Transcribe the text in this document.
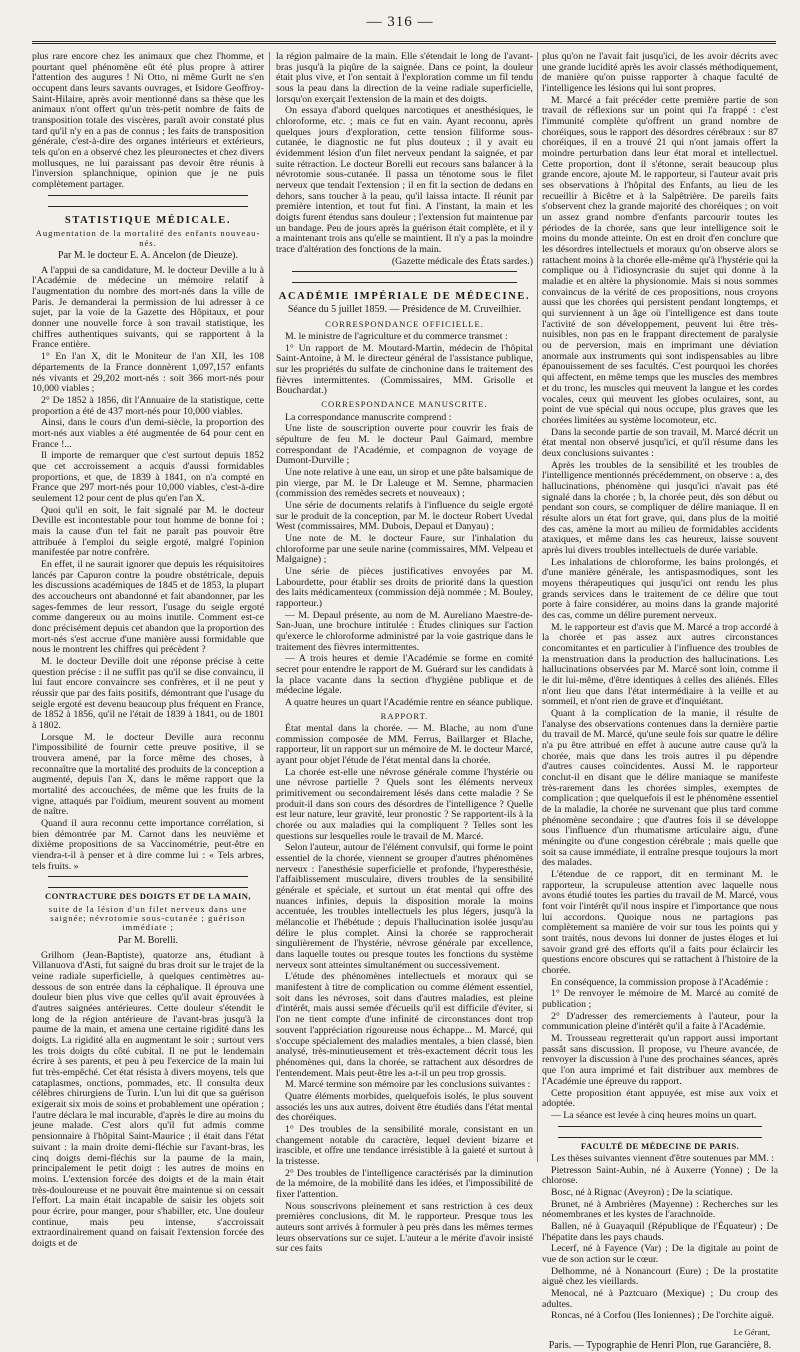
— 316 —

plus rare encore chez les animaux que chez l'homme, et pourtant quel phénomène eût été plus propre à attirer l'attention des augures ! Ni Otto, ni même Gurlt ne s'en occupent dans leurs savants ouvrages, et Isidore Geoffroy-Saint-Hilaire, après avoir mentionné dans sa thèse que les animaux n'ont offert qu'un très-petit nombre de faits de transposition totale des viscères, paraît avoir constaté plus tard qu'il n'y en a pas de connus ; les faits de transposition générale, c'est-à-dire des organes intérieurs et extérieurs, tels qu'on en a observé chez les pleuronectes et chez divers mollusques, ne lui paraissant pas devoir être réunis à l'inversion splanchnique, opinion que je ne puis complètement partager.

STATISTIQUE MÉDICALE.
Augmentation de la mortalité des enfants nouveau-nés.
Par M. le docteur E. A. Ancelon (de Dieuze).

A l'appui de sa candidature, M. le docteur Deville a lu à l'Académie de médecine un mémoire relatif à l'augmentation du nombre des mort-nés dans la ville de Paris. Je demanderai la permission de lui adresser à ce sujet, par la voie de la Gazette des Hôpitaux, et pour donner une nouvelle force à son travail statistique, les chiffres authentiques suivants, qui se rapportent à la France entière.

1° En l'an X, dit le Moniteur de l'an XII, les 108 départements de la France donnèrent 1,097,157 enfants nés vivants et 29,202 mort-nés : soit 366 mort-nés pour 10,000 viables ;

2° De 1852 à 1856, dit l'Annuaire de la statistique, cette proportion a été de 437 mort-nés pour 10,000 viables.

Ainsi, dans le cours d'un demi-siècle, la proportion des mort-nés aux viables a été augmentée de 64 pour cent en France !...

Il importe de remarquer que c'est surtout depuis 1852 que cet accroissement a acquis d'aussi formidables proportions, et que, de 1839 à 1841, on n'a compté en France que 297 mort-nés pour 10,000 viables, c'est-à-dire seulement 12 pour cent de plus qu'en l'an X.

Quoi qu'il en soit, le fait signalé par M. le docteur Deville est incontestable pour tout homme de bonne foi ; mais la cause d'un tel fait ne paraît pas pouvoir être attribuée à l'emploi du seigle ergoté, malgré l'opinion manifestée par notre confrère.

En effet, il ne saurait ignorer que depuis les réquisitoires lancés par Capuron contre la poudre obstétricale, depuis les discussions académiques de 1845 et de 1853, la plupart des accoucheurs ont abandonné et fait abandonner, par les sages-femmes de leur ressort, l'usage du seigle ergoté comme dangereux ou au moins inutile. Comment est-ce donc précisément depuis cet abandon que la proportion des mort-nés s'est accrue d'une manière aussi formidable que nous le montrent les chiffres qui précèdent ?

M. le docteur Deville doit une réponse précise à cette question précise : il ne suffit pas qu'il se dise convaincu, il lui faut encore convaincre ses confrères, et il ne peut y réussir que par des faits positifs, démontrant que l'usage du seigle ergoté est devenu beaucoup plus fréquent en France, de 1852 à 1856, qu'il ne l'était de 1839 à 1841, ou de 1801 à 1802.

Lorsque M. le docteur Deville aura reconnu l'impossibilité de fournir cette preuve positive, il se trouvera amené, par la force même des choses, à reconnaître que la mortalité des produits de la conception a augmenté, depuis l'an X, dans le même rapport que la mortalité des accouchées, de même que les fruits de la vigne, attaqués par l'oïdium, meurent souvent au moment de naître.

Quand il aura reconnu cette importance corrélation, si bien démontrée par M. Carnot dans les neuvième et dixième propositions de sa Vaccinométrie, peut-être en viendra-t-il à penser et à dire comme lui : « Tels arbres, tels fruits. »

CONTRACTURE DES DOIGTS ET DE LA MAIN,
suite de la lésion d'un filet nerveux dans une saignée; névrotomie sous-cutanée ; guérison immédiate ;
Par M. Borelli.

Grilhom (Jean-Baptiste), quatorze ans, étudiant à Villanuova d'Asti, fut saigné du bras droit sur le trajet de la veine radiale superficielle, à quelques centimètres au-dessous de son entrée dans la céphalique. Il éprouva une douleur bien plus vive que celles qu'il avait éprouvées à d'autres saignées antérieures. Cette douleur s'étendit le long de la région antérieure de l'avant-bras jusqu'à la paume de la main, et amena une certaine rigidité dans les doigts. La rigidité alla en augmentant le soir ; surtout vers les trois doigts du côté cubital. Il ne put le lendemain écrire à ses parents, et peu à peu l'exercice de la main lui fut très-empêché. Cet état résista à divers moyens, tels que cataplasmes, onctions, pommades, etc. Il consulta deux célèbres chirurgiens de Turin. L'un lui dit que sa guérison exigerait six mois de soins et probablement une opération ; l'autre déclara le mal incurable, d'après le dire au moins du jeune malade. C'est alors qu'il fut admis comme pensionnaire à l'hôpital Saint-Maurice ; il était dans l'état suivant : la main droite demi-fléchie sur l'avant-bras, les cinq doigts demi-fléchis sur la paume de la main, principalement le petit doigt : les autres de moins en moins. L'extension forcée des doigts et de la main était très-douloureuse et ne pouvait être maintenue si on cessait l'effort. La main était incapable de saisir les objets soit pour écrire, pour manger, pour s'habiller, etc. Une douleur continue, mais peu intense, s'accroissait extraordinairement quand on faisait l'extension forcée des doigts et de

la région palmaire de la main. Elle s'étendait le long de l'avant-bras jusqu'à la piqûre de la saignée. Dans ce point, la douleur était plus vive, et l'on sentait à l'exploration comme un fil tendu sous la peau dans la direction de la veine radiale superficielle, lorsqu'on exerçait l'extension de la main et des doigts.

On essaya d'abord quelques narcotiques et anesthésiques, le chloroforme, etc. ; mais ce fut en vain. Ayant reconnu, après quelques jours d'exploration, cette tension filiforme sous-cutanée, le diagnostic ne fut plus douteux ; il y avait eu évidemment lésion d'un filet nerveux pendant la saignée, et par suite rétraction. Le docteur Borelli eut recours sans balancer à la névrotomie sous-cutanée. Il passa un ténotome sous le filet nerveux que tendait l'extension ; il en fit la section de dedans en dehors, sans toucher à la peau, qu'il laissa intacte. Il réunit par première intention, et tout fut fini. A l'instant, la main et les doigts furent étendus sans douleur ; l'extension fut maintenue par un bandage. Peu de jours après la guérison était complète, et il y a maintenant trois ans qu'elle se maintient. Il n'y a pas la moindre trace d'altération des fonctions de la main.

(Gazette médicale des États sardes.)

ACADÉMIE IMPÉRIALE DE MÉDECINE.
Séance du 5 juillet 1859. — Présidence de M. Cruveilhier.
CORRESPONDANCE OFFICIELLE.

M. le ministre de l'agriculture et du commerce transmet :

1° Un rapport de M. Moutard-Martin, médecin de l'hôpital Saint-Antoine, à M. le directeur général de l'assistance publique, sur les propriétés du sulfate de cinchonine dans le traitement des fièvres intermittentes. (Commissaires, MM. Grisolle et Bouchardat.)

CORRESPONDANCE MANUSCRITE.

La correspondance manuscrite comprend :

Une liste de souscription ouverte pour couvrir les frais de sépulture de feu M. le docteur Paul Gaimard, membre correspondant de l'Académie, et compagnon de voyage de Dumont-Durville ;

Une note relative à une eau, un sirop et une pâte balsamique de pin vierge, par M. le Dr Laleuge et M. Semne, pharmacien (commission des remèdes secrets et nouveaux) ;

Une série de documents relatifs à l'influence du seigle ergoté sur le produit de la conception, par M. le docteur Robert Uvedal West (commissaires, MM. Dubois, Depaul et Danyau) ;

Une note de M. le docteur Faure, sur l'inhalation du chloroforme par une seule narine (commissaires, MM. Velpeau et Malgaigne) ;

Une série de pièces justificatives envoyées par M. Labourdette, pour établir ses droits de priorité dans la question des laits médicamenteux (commission déjà nommée ; M. Bouley, rapporteur.)

— M. Depaul présente, au nom de M. Aureliano Maestre-de-San-Juan, une brochure intitulée : Études cliniques sur l'action qu'exerce le chloroforme administré par la voie gastrique dans le traitement des fièvres intermittentes.

— A trois heures et demie l'Académie se forme en comité secret pour entendre le rapport de M. Guérard sur les candidats à la place vacante dans la section d'hygiène publique et de médecine légale.

A quatre heures un quart l'Académie rentre en séance publique.

RAPPORT.

État mental dans la chorée. — M. Blache, au nom d'une commission composée de MM. Ferrus, Baillarger et Blache, rapporteur, lit un rapport sur un mémoire de M. le docteur Marcé, ayant pour objet l'étude de l'état mental dans la chorée.

La chorée est-elle une névrose générale comme l'hystérie ou une névrose partielle ? Quels sont les éléments nerveux primitivement ou secondairement lésés dans cette maladie ? Se produit-il dans son cours des désordres de l'intelligence ? Quelle est leur nature, leur gravité, leur pronostic ? Se rapportent-ils à la chorée ou aux maladies qui la compliquent ? Telles sont les questions sur lesquelles roule le travail de M. Marcé.

Selon l'auteur, autour de l'élément convulsif, qui forme le point essentiel de la chorée, viennent se grouper d'autres phénomènes nerveux : l'anesthésie superficielle et profonde, l'hyperesthésie, l'affaiblissement musculaire, divers troubles de la sensibilité générale et spéciale, et surtout un état mental qui offre des nuances infinies, depuis la disposition morale la moins accentuée, les troubles intellectuels les plus légers, jusqu'à la mélancolie et l'hébétude ; depuis l'hallucination isolée jusqu'au délire le plus complet. Ainsi la chorée se rapprocherait singulièrement de l'hystérie, névrose générale par excellence, dans laquelle toutes ou presque toutes les fonctions du système nerveux sont atteintes simultanément ou successivement.

L'étude des phénomènes intellectuels et moraux qui se manifestent à titre de complication ou comme élément essentiel, soit dans les névroses, soit dans d'autres maladies, est pleine d'intérêt, mais aussi semée d'écueils qu'il est difficile d'éviter, si l'on ne tient compte d'une infinité de circonstances dont trop souvent l'appréciation rigoureuse nous échappe... M. Marcé, qui s'occupe spécialement des maladies mentales, a bien classé, bien analysé, très-minutieusement et très-exactement décrit tous les phénomènes qui, dans la chorée, se rattachent aux désordres de l'entendement. Mais peut-être les a-t-il un peu trop grossis.

M. Marcé termine son mémoire par les conclusions suivantes :

Quatre éléments morbides, quelquefois isolés, le plus souvent associés les uns aux autres, doivent être étudiés dans l'état mental des choréiques.

1° Des troubles de la sensibilité morale, consistant en un changement notable du caractère, lequel devient bizarre et irascible, et offre une tendance irrésistible à la gaieté et surtout à la tristesse.

2° Des troubles de l'intelligence caractérisés par la diminution de la mémoire, de la mobilité dans les idées, et l'impossibilité de fixer l'attention.

Nous souscrivons pleinement et sans restriction à ces deux premières conclusions, dit M. le rapporteur. Presque tous les auteurs sont arrivés à formuler à peu près dans les mêmes termes leurs observations sur ce sujet. L'auteur a le mérite d'avoir insisté sur ces faits

plus qu'on ne l'avait fait jusqu'ici, de les avoir décrits avec une grande lucidité après les avoir classés méthodiquement, de manière qu'on puisse rapporter à chaque faculté de l'intelligence les lésions qui lui sont propres.

M. Marcé a fait précéder cette première partie de son travail de réflexions sur un point qui l'a frappé : c'est l'immunité complète qu'offrent un grand nombre de choréiques, sous le rapport des désordres cérébraux : sur 87 choréiques, il en a trouvé 21 qui n'ont jamais offert la moindre perturbation dans leur état moral et intellectuel. Cette proportion, dont il s'étonne, serait beaucoup plus grande encore, ajoute M. le rapporteur, si l'auteur avait pris ses observations à l'hôpital des Enfants, au lieu de les recueillir à Bicêtre et à la Salpêtrière. De pareils faits s'observent chez la grande majorité des choréiques ; on voit un assez grand nombre d'enfants parcourir toutes les périodes de la chorée, sans que leur intelligence soit le moins du monde atteinte. On est en droit d'en conclure que les désordres intellectuels et moraux qu'on observe alors se rattachent moins à la chorée elle-même qu'à l'hystérie qui la complique ou à l'idiosyncrasie du sujet qui donne à la maladie et en altère la physionomie. Mais si nous sommes convaincus de la vérité de ces propositions, nous croyons aussi que les chorées qui persistent pendant longtemps, et qui surviennent à un âge où l'intelligence est dans toute l'activité de son développement, peuvent lui être très-nuisibles, non pas en le frappant directement de paralysie ou de perversion, mais en imprimant une déviation anormale aux instruments qui sont indispensables au libre épanouissement de ses facultés. C'est pourquoi les chorées qui affectent, en même temps que les muscles des membres et du tronc, les muscles qui meuvent la langue et les cordes vocales, ceux qui meuvent les globes oculaires, sont, au point de vue spécial qui nous occupe, plus graves que les chorées limitées au système locomoteur, etc.

Dans la seconde partie de son travail, M. Marcé décrit un état mental non observé jusqu'ici, et qu'il résume dans les deux conclusions suivantes :

Après les troubles de la sensibilité et les troubles de l'intelligence mentionnés précédemment, on observe : a, des hallucinations, phénomène qui jusqu'ici n'avait pas été signalé dans la chorée ; b, la chorée peut, dès son début ou pendant son cours, se compliquer de délire maniaque. Il en résulte alors un état fort grave, qui, dans plus de la moitié des cas, amène la mort au milieu de formidables accidents ataxiques, et même dans les cas heureux, laisse souvent après lui divers troubles intellectuels de durée variable.

Les inhalations de chloroforme, les bains prolongés, et d'une manière générale, les antispasmodiques, sont les moyens thérapeutiques qui jusqu'ici ont rendu les plus grands services dans le traitement de ce délire que tout porte à faire considérer, au moins dans la grande majorité des cas, comme un délire purement nerveux.

M. le rapporteur est d'avis que M. Marcé a trop accordé à la chorée et pas assez aux autres circonstances concomitantes et en particulier à l'influence des troubles de la menstruation dans la production des hallucinations. Les hallucinations observées par M. Marcé sont loin, comme il le dit lui-même, d'être identiques à celles des aliénés. Elles n'ont lieu que dans l'état intermédiaire à la veille et au sommeil, et n'ont rien de grave et d'inquiétant.

Quant à la complication de la manie, il résulte de l'analyse des observations contenues dans la dernière partie du travail de M. Marcé, qu'une seule fois sur quatre le délire n'a pu être attribué en effet à aucune autre cause qu'à la chorée, mais que dans les trois autres il pu dépendre d'autres causes coïncidentes. Aussi M. le rapporteur conclut-il en disant que le délire maniaque se manifeste très-rarement dans les chorées simples, exemptes de complication ; que quelquefois il est le phénomène essentiel de la maladie, la chorée ne survenant que plus tard comme phénomène secondaire ; que d'autres fois il se développe sous l'influence d'un rhumatisme articulaire aigu, d'une méningite ou d'une congestion cérébrale ; mais quelle que soit sa cause immédiate, il entraîne presque toujours la mort des malades.

L'étendue de ce rapport, dit en terminant M. le rapporteur, la scrupuleuse attention avec laquelle nous avons étudié toutes les parties du travail de M. Marcé, vous font voir l'intérêt qu'il nous inspire et l'importance que nous lui accordons. Quoique nous ne partagions pas complètement sa manière de voir sur tous les points qui y sont traités, nous devons lui donner de justes éloges et lui savoir grand gré des efforts qu'il a faits pour éclaircir les questions encore obscures qui se rattachent à l'histoire de la chorée.

En conséquence, la commission propose à l'Académie :

1° De renvoyer le mémoire de M. Marcé au comité de publication ;

2° D'adresser des remerciements à l'auteur, pour la communication pleine d'intérêt qu'il a faite à l'Académie.

M. Trousseau regretterait qu'un rapport aussi important passât sans discussion. Il propose, vu l'heure avancée, de renvoyer la discussion à l'une des prochaines séances, après que l'on aura imprimé et fait distribuer aux membres de l'Académie une épreuve du rapport.

Cette proposition étant appuyée, est mise aux voix et adoptée.

— La séance est levée à cinq heures moins un quart.

FACULTÉ DE MÉDECINE DE PARIS.

Les thèses suivantes viennent d'être soutenues par MM. :

Pietresson Saint-Aubin, né à Auxerre (Yonne) ; De la chlorose.

Bosc, né à Rignac (Aveyron) ; De la sciatique.

Brunet, né à Ambrières (Mayenne) : Recherches sur les néomembranes et les kystes de l'arachnoïde.

Ballen, né à Guayaquil (République de l'Équateur) ; De l'hépatite dans les pays chauds.

Lecerf, né à Fayence (Var) ; De la digitale au point de vue de son action sur le cœur.

Delhomme, né à Nonancourt (Eure) ; De la prostatite aiguë chez les vieillards.

Menocal, né à Paztcuaro (Mexique) ; Du croup des adultes.

Roncas, né à Corfou (Iles Ioniennes) ; De l'orchite aiguë.

Le Gérant,
Paris. — Typographie de Henri Plon, rue Garancière, 8.
